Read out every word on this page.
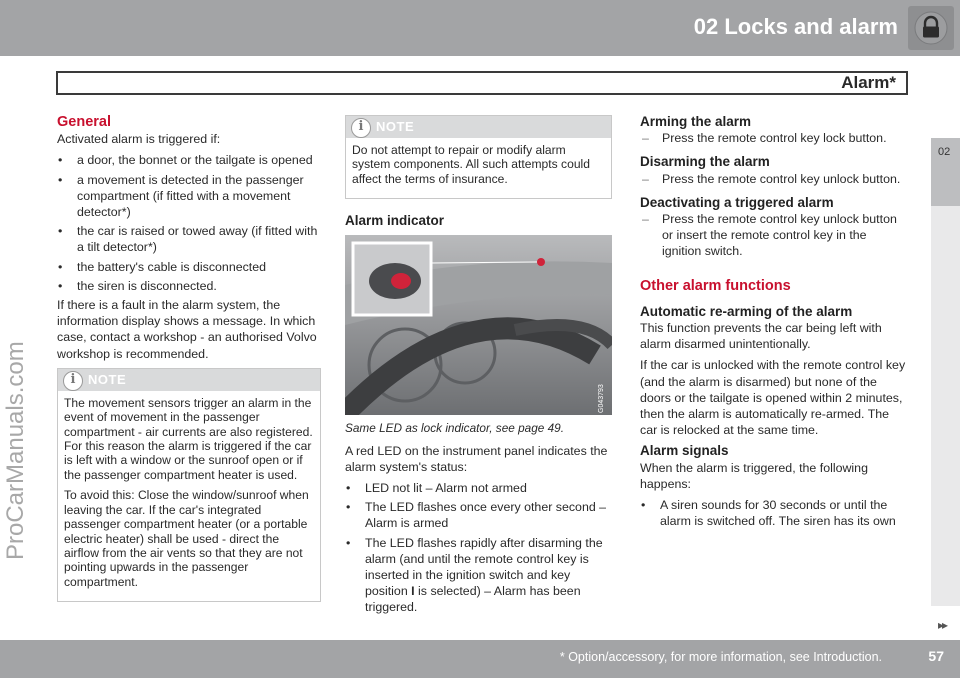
02 Locks and alarm
Alarm*
02
ProCarManuals.com
General

Activated alarm is triggered if:

• a door, the bonnet or the tailgate is opened
• a movement is detected in the passenger compartment (if fitted with a movement detector*)
• the car is raised or towed away (if fitted with a tilt detector*)
• the battery's cable is disconnected
• the siren is disconnected.

If there is a fault in the alarm system, the information display shows a message. In which case, contact a workshop - an authorised Volvo workshop is recommended.

i NOTE

The movement sensors trigger an alarm in the event of movement in the passenger compartment - air currents are also registered. For this reason the alarm is triggered if the car is left with a window or the sunroof open or if the passenger compartment heater is used.

To avoid this: Close the window/sunroof when leaving the car. If the car's integrated passenger compartment heater (or a portable electric heater) shall be used - direct the airflow from the air vents so that they are not pointing upwards in the passenger compartment.

i NOTE

Do not attempt to repair or modify alarm system components. All such attempts could affect the terms of insurance.

Alarm indicator
G043793

Same LED as lock indicator, see page 49.

A red LED on the instrument panel indicates the alarm system's status:

• LED not lit – Alarm not armed
• The LED flashes once every other second – Alarm is armed
• The LED flashes rapidly after disarming the alarm (and until the remote control key is inserted in the ignition switch and key position I is selected) – Alarm has been triggered.
Arming the alarm
– Press the remote control key lock button.
Disarming the alarm
– Press the remote control key unlock button.
Deactivating a triggered alarm
– Press the remote control key unlock button or insert the remote control key in the ignition switch.
Other alarm functions
Automatic re-arming of the alarm

This function prevents the car being left with alarm disarmed unintentionally.

If the car is unlocked with the remote control key (and the alarm is disarmed) but none of the doors or the tailgate is opened within 2 minutes, then the alarm is automatically re-armed. The car is relocked at the same time.

Alarm signals

When the alarm is triggered, the following happens:

• A siren sounds for 30 seconds or until the alarm is switched off. The siren has its own
▸▸
* Option/accessory, for more information, see Introduction.	57
